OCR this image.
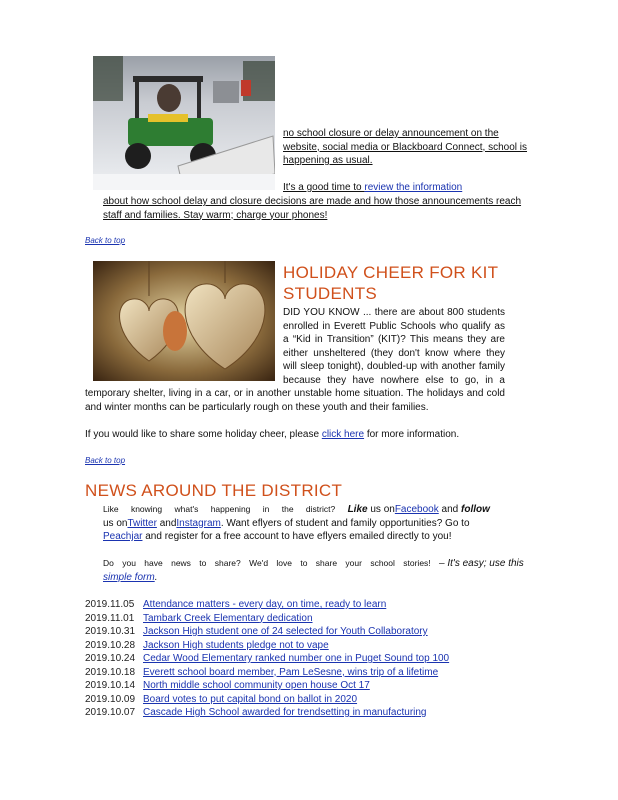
no school closure or delay announcement on the website, social media or Blackboard Connect, school is happening as usual.
It's a good time to review the information
about how school delay and closure decisions are made and how those announcements reach staff and families. Stay warm; charge your phones!
Back to top
HOLIDAY CHEER FOR KIT
STUDENTS
DID YOU KNOW ... there are about 800 students enrolled in Everett Public Schools who qualify as a “Kid in Transition” (KIT)? This means they are either unsheltered (they don't know where they will sleep tonight), doubled-up with another family because they have nowhere else to go, in a temporary shelter, living in a car, or in another unstable home situation. The holidays and cold and winter months can be particularly rough on these youth and their families.
If you would like to share some holiday cheer, please click here for more information.
Back to top
NEWS AROUND THE DISTRICT
Like knowing what's happening in the district? Like us onFacebook and follow
us onTwitter andInstagram. Want eflyers of student and family opportunities? Go to
Peachjar and register for a free account to have eflyers emailed directly to you!
Do you have news to share? We'd love to share your school stories! – It's easy; use this
simple form.
2019.11.05 Attendance matters - every day, on time, ready to learn
2019.11.01 Tambark Creek Elementary dedication
2019.10.31 Jackson High student one of 24 selected for Youth Collaboratory
2019.10.28 Jackson High students pledge not to vape
2019.10.24 Cedar Wood Elementary ranked number one in Puget Sound top 100
2019.10.18 Everett school board member, Pam LeSesne, wins trip of a lifetime
2019.10.14 North middle school community open house Oct 17
2019.10.09 Board votes to put capital bond on ballot in 2020
2019.10.07 Cascade High School awarded for trendsetting in manufacturing
